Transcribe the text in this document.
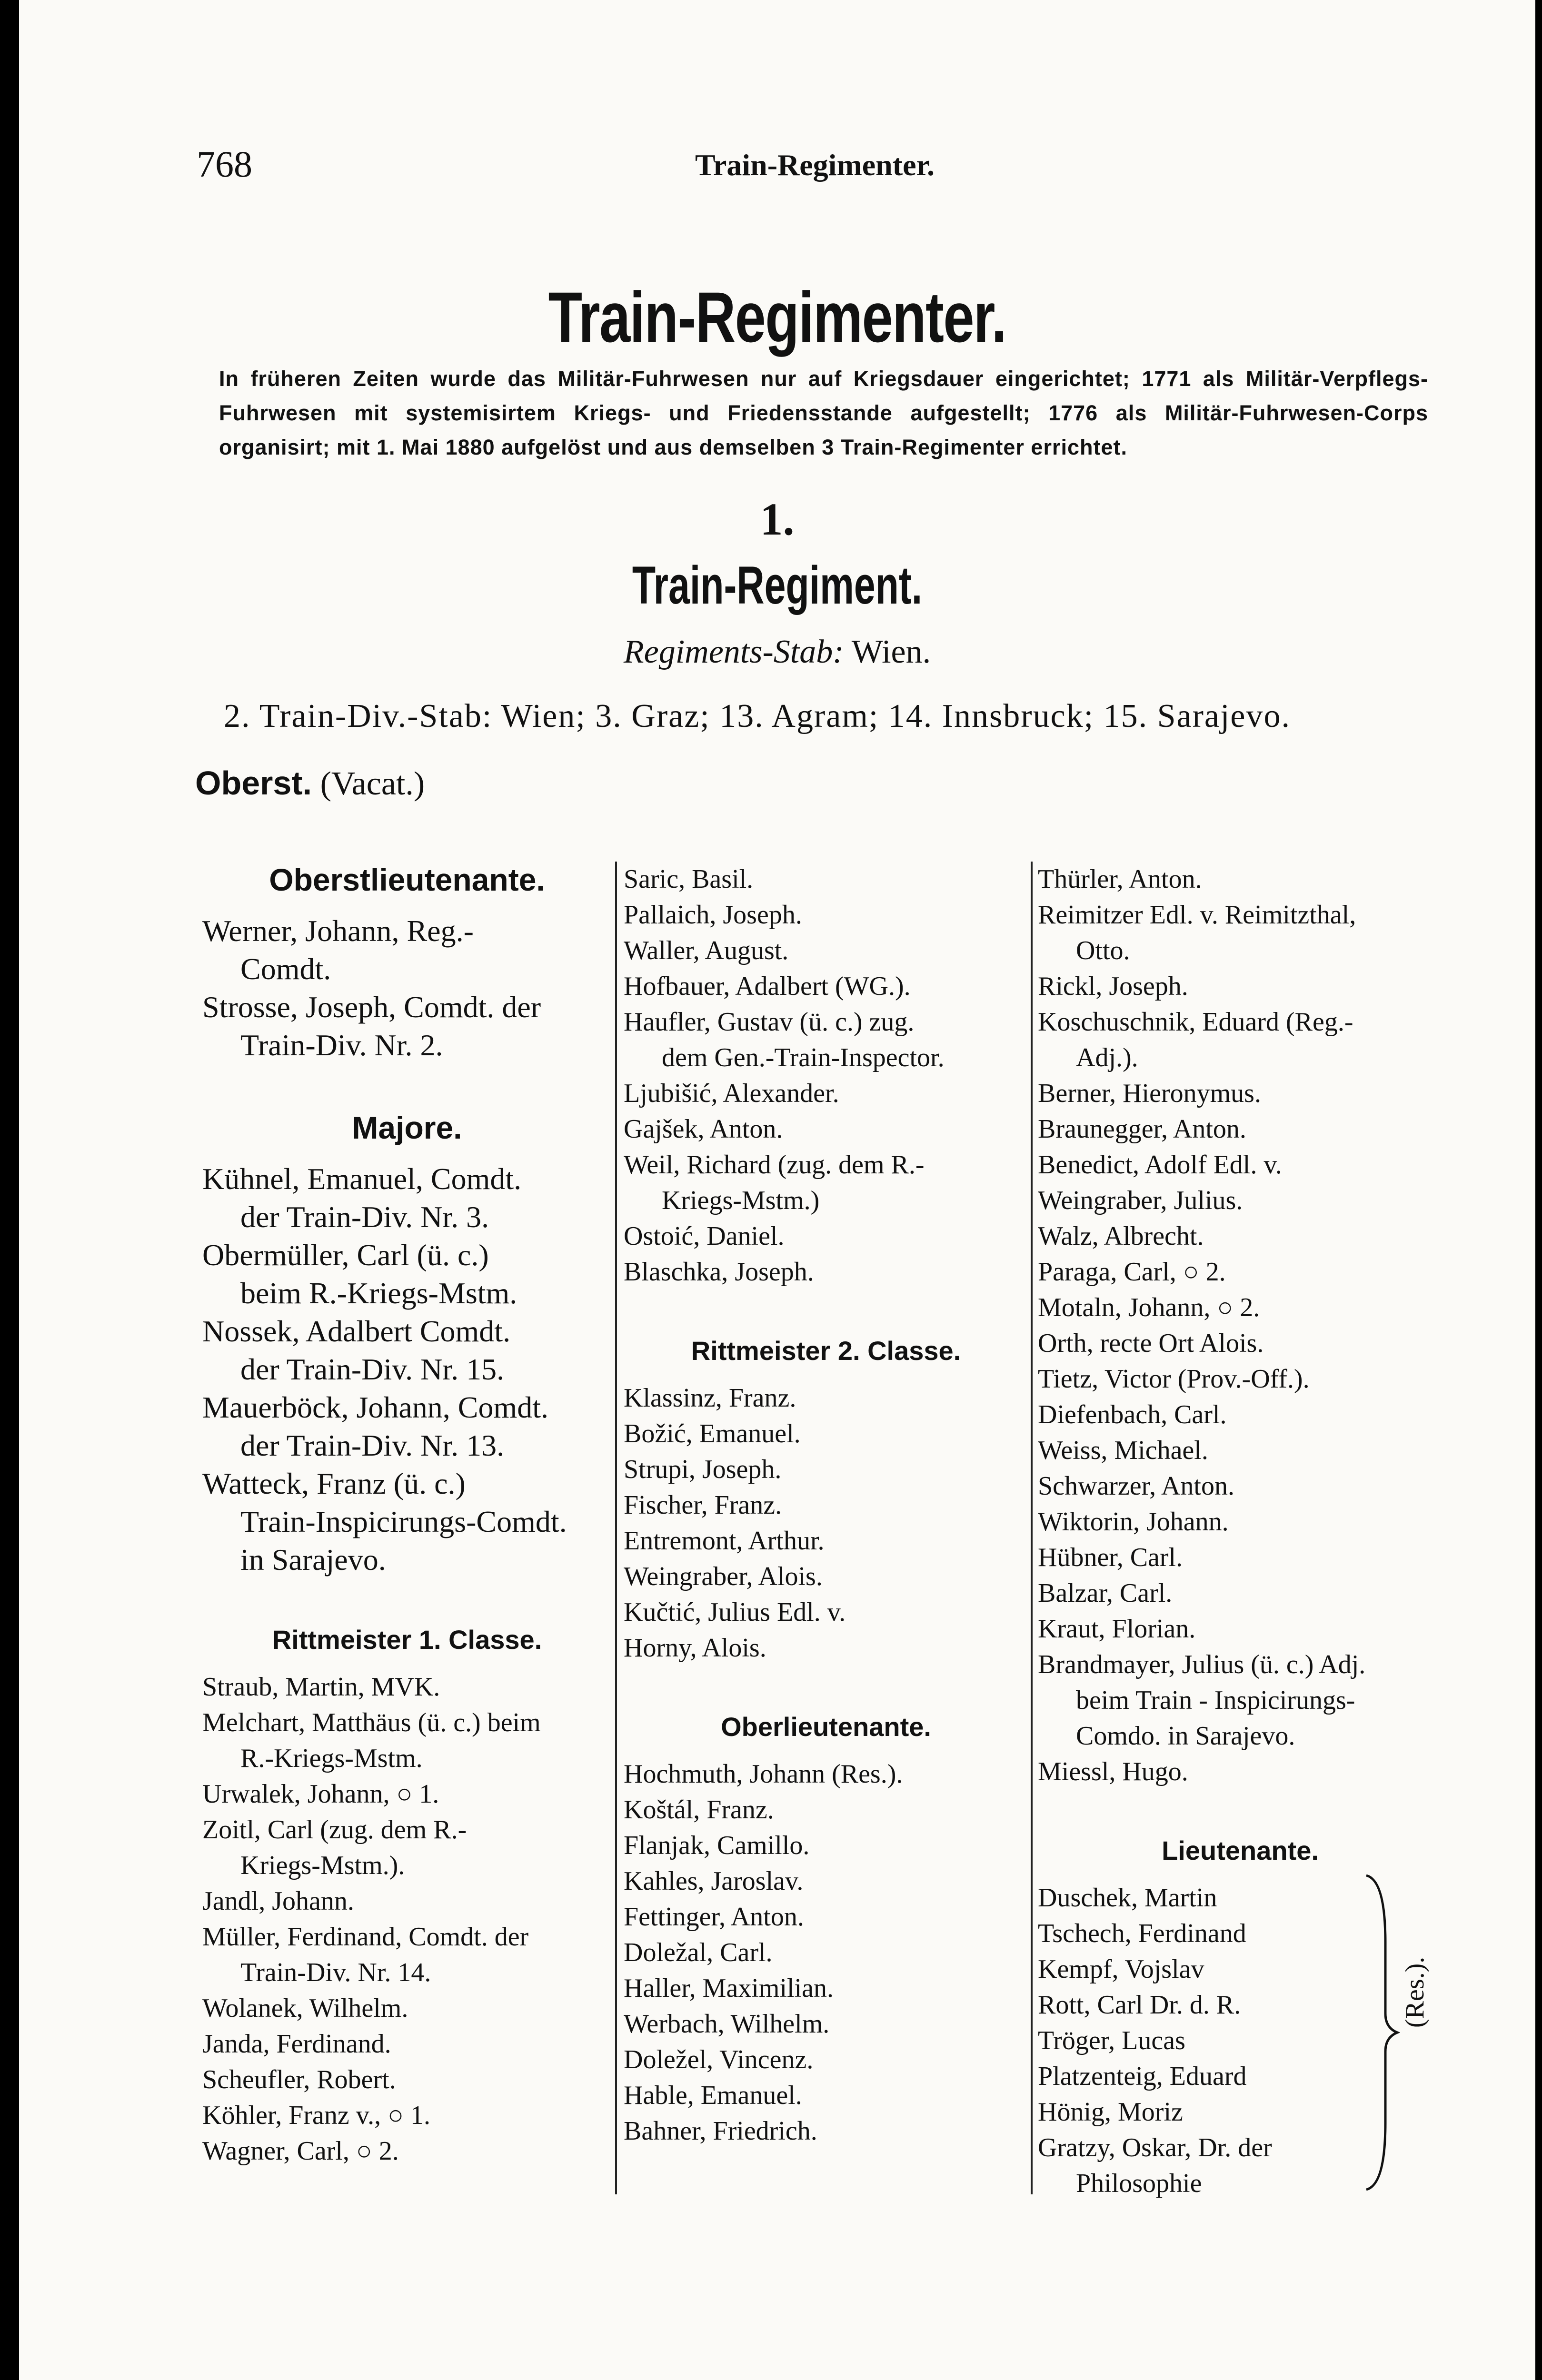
768	Train-Regimenter.
Train-Regimenter.
In früheren Zeiten wurde das Militär-Fuhrwesen nur auf Kriegsdauer eingerichtet; 1771 als Militär-Verpflegs-Fuhrwesen mit systemisirtem Kriegs- und Friedensstande aufgestellt; 1776 als Militär-Fuhrwesen-Corps organisirt; mit 1. Mai 1880 aufgelöst und aus demselben 3 Train-Regimenter errichtet.
1.
Train-Regiment.
Regiments-Stab: Wien.
2. Train-Div.-Stab: Wien; 3. Graz; 13. Agram; 14. Innsbruck; 15. Sarajevo.
Oberst. (Vacat.)
Oberstlieutenante.
Werner, Johann, Reg.-
Comdt.
Strosse, Joseph, Comdt. der
Train-Div. Nr. 2.
Majore.
Kühnel, Emanuel, Comdt.
der Train-Div. Nr. 3.
Obermüller, Carl (ü. c.)
beim R.-Kriegs-Mstm.
Nossek, Adalbert Comdt.
der Train-Div. Nr. 15.
Mauerböck, Johann, Comdt.
der Train-Div. Nr. 13.
Watteck, Franz (ü. c.)
Train-Inspicirungs-Comdt.
in Sarajevo.
Rittmeister 1. Classe.
Straub, Martin, MVK.
Melchart, Matthäus (ü. c.) beim
R.-Kriegs-Mstm.
Urwalek, Johann, ○ 1.
Zoitl, Carl (zug. dem R.-
Kriegs-Mstm.).
Jandl, Johann.
Müller, Ferdinand, Comdt. der
Train-Div. Nr. 14.
Wolanek, Wilhelm.
Janda, Ferdinand.
Scheufler, Robert.
Köhler, Franz v., ○ 1.
Wagner, Carl, ○ 2.
Saric, Basil.
Pallaich, Joseph.
Waller, August.
Hofbauer, Adalbert (WG.).
Haufler, Gustav (ü. c.) zug.
dem Gen.-Train-Inspector.
Ljubišić, Alexander.
Gajšek, Anton.
Weil, Richard (zug. dem R.-
Kriegs-Mstm.)
Ostoić, Daniel.
Blaschka, Joseph.
Rittmeister 2. Classe.
Klassinz, Franz.
Božić, Emanuel.
Strupi, Joseph.
Fischer, Franz.
Entremont, Arthur.
Weingraber, Alois.
Kučtić, Julius Edl. v.
Horny, Alois.
Oberlieutenante.
Hochmuth, Johann (Res.).
Koštál, Franz.
Flanjak, Camillo.
Kahles, Jaroslav.
Fettinger, Anton.
Doležal, Carl.
Haller, Maximilian.
Werbach, Wilhelm.
Doležel, Vincenz.
Hable, Emanuel.
Bahner, Friedrich.
Thürler, Anton.
Reimitzer Edl. v. Reimitzthal,
Otto.
Rickl, Joseph.
Koschuschnik, Eduard (Reg.-
Adj.).
Berner, Hieronymus.
Braunegger, Anton.
Benedict, Adolf Edl. v.
Weingraber, Julius.
Walz, Albrecht.
Paraga, Carl, ○ 2.
Motaln, Johann, ○ 2.
Orth, recte Ort Alois.
Tietz, Victor (Prov.-Off.).
Diefenbach, Carl.
Weiss, Michael.
Schwarzer, Anton.
Wiktorin, Johann.
Hübner, Carl.
Balzar, Carl.
Kraut, Florian.
Brandmayer, Julius (ü. c.) Adj.
beim Train - Inspicirungs-
Comdo. in Sarajevo.
Miessl, Hugo.
Lieutenante.
Duschek, Martin
Tschech, Ferdinand
Kempf, Vojslav
Rott, Carl Dr. d. R.
Tröger, Lucas
Platzenteig, Eduard
Hönig, Moriz
Gratzy, Oskar, Dr. der
Philosophie
(Res.).
